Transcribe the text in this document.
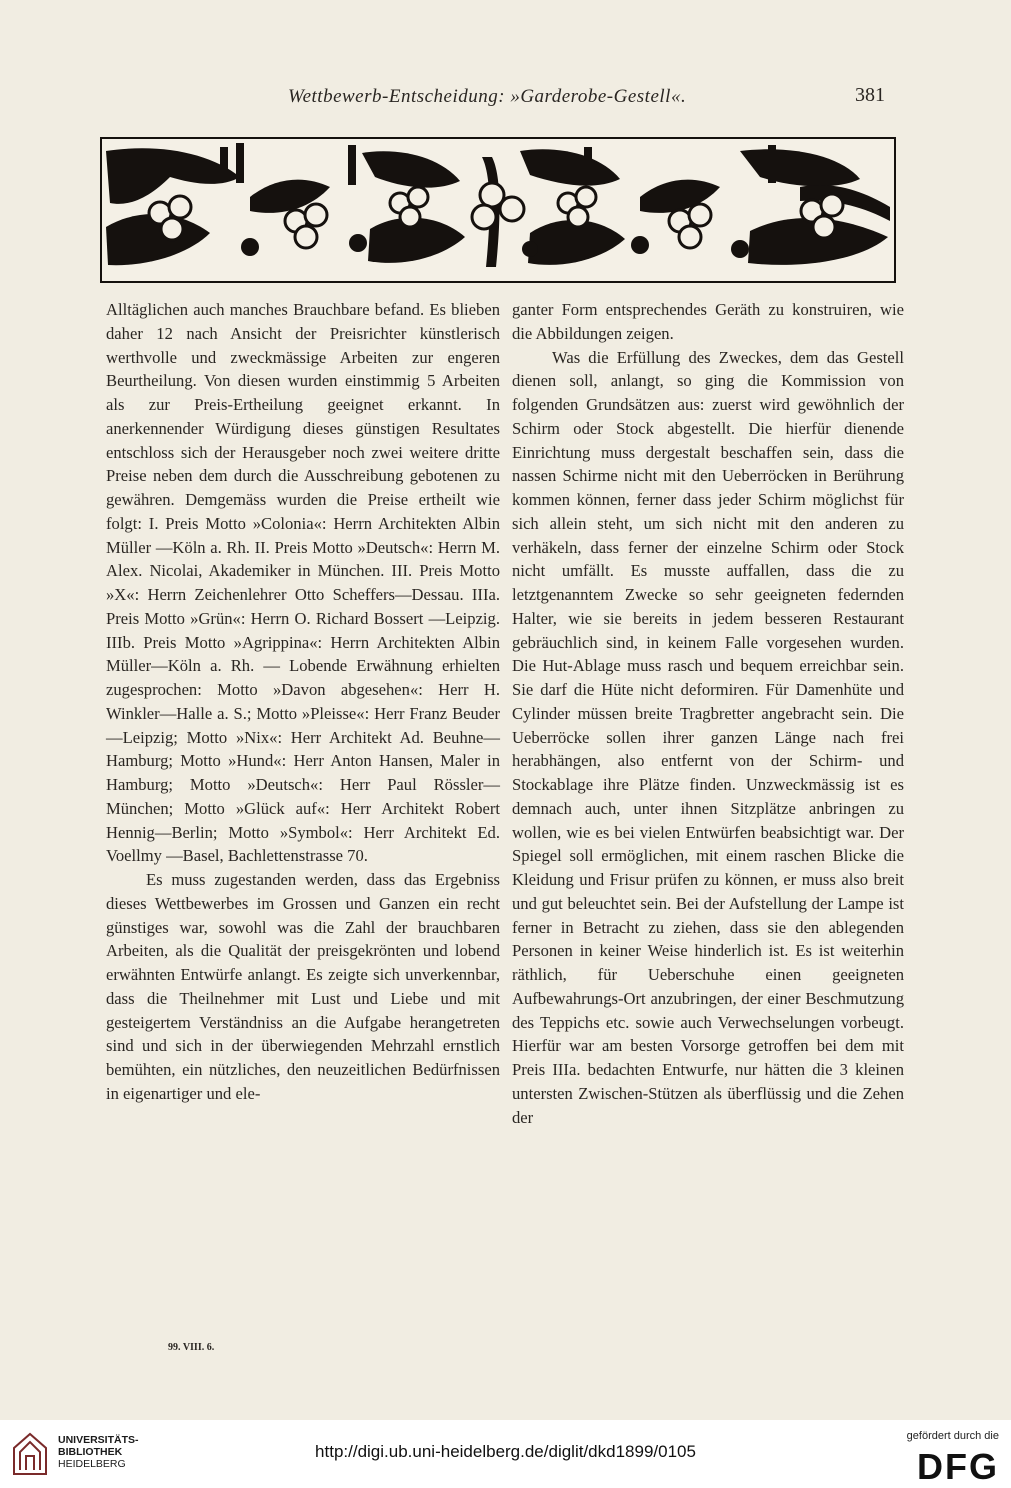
Wettbewerb-Entscheidung: »Garderobe-Gestell«.	381

Alltäglichen auch manches Brauchbare befand. Es blieben daher 12 nach Ansicht der Preisrichter künstlerisch werthvolle und zweckmässige Arbeiten zur engeren Beurtheilung. Von diesen wurden einstimmig 5 Arbeiten als zur Preis-Ertheilung geeignet erkannt. In anerkennender Würdigung dieses günstigen Resultates entschloss sich der Herausgeber noch zwei weitere dritte Preise neben dem durch die Ausschreibung gebotenen zu gewähren. Demgemäss wurden die Preise ertheilt wie folgt: I. Preis Motto »Colonia«: Herrn Architekten Albin Müller —Köln a. Rh. II. Preis Motto »Deutsch«: Herrn M. Alex. Nicolai, Akademiker in München. III. Preis Motto »X«: Herrn Zeichenlehrer Otto Scheffers—Dessau. IIIa. Preis Motto »Grün«: Herrn O. Richard Bossert —Leipzig. IIIb. Preis Motto »Agrippina«: Herrn Architekten Albin Müller—Köln a. Rh. — Lobende Erwähnung erhielten zugesprochen: Motto »Davon abgesehen«: Herr H. Winkler—Halle a. S.; Motto »Pleisse«: Herr Franz Beuder—Leipzig; Motto »Nix«: Herr Architekt Ad. Beuhne—Hamburg; Motto »Hund«: Herr Anton Hansen, Maler in Hamburg; Motto »Deutsch«: Herr Paul Rössler—München; Motto »Glück auf«: Herr Architekt Robert Hennig—Berlin; Motto »Symbol«: Herr Architekt Ed. Voellmy —Basel, Bachlettenstrasse 70.

Es muss zugestanden werden, dass das Ergebniss dieses Wettbewerbes im Grossen und Ganzen ein recht günstiges war, sowohl was die Zahl der brauchbaren Arbeiten, als die Qualität der preisgekrönten und lobend erwähnten Entwürfe anlangt. Es zeigte sich unverkennbar, dass die Theilnehmer mit Lust und Liebe und mit gesteigertem Verständniss an die Aufgabe herangetreten sind und sich in der überwiegenden Mehrzahl ernstlich bemühten, ein nützliches, den neuzeitlichen Bedürfnissen in eigenartiger und ele-

ganter Form entsprechendes Geräth zu konstruiren, wie die Abbildungen zeigen.

Was die Erfüllung des Zweckes, dem das Gestell dienen soll, anlangt, so ging die Kommission von folgenden Grundsätzen aus: zuerst wird gewöhnlich der Schirm oder Stock abgestellt. Die hierfür dienende Einrichtung muss dergestalt beschaffen sein, dass die nassen Schirme nicht mit den Ueberröcken in Berührung kommen können, ferner dass jeder Schirm möglichst für sich allein steht, um sich nicht mit den anderen zu verhäkeln, dass ferner der einzelne Schirm oder Stock nicht umfällt. Es musste auffallen, dass die zu letztgenanntem Zwecke so sehr geeigneten federnden Halter, wie sie bereits in jedem besseren Restaurant gebräuchlich sind, in keinem Falle vorgesehen wurden. Die Hut-Ablage muss rasch und bequem erreichbar sein. Sie darf die Hüte nicht deformiren. Für Damenhüte und Cylinder müssen breite Tragbretter angebracht sein. Die Ueberröcke sollen ihrer ganzen Länge nach frei herabhängen, also entfernt von der Schirm- und Stockablage ihre Plätze finden. Unzweckmässig ist es demnach auch, unter ihnen Sitzplätze anbringen zu wollen, wie es bei vielen Entwürfen beabsichtigt war. Der Spiegel soll ermöglichen, mit einem raschen Blicke die Kleidung und Frisur prüfen zu können, er muss also breit und gut beleuchtet sein. Bei der Aufstellung der Lampe ist ferner in Betracht zu ziehen, dass sie den ablegenden Personen in keiner Weise hinderlich ist. Es ist weiterhin räthlich, für Ueberschuhe einen geeigneten Aufbewahrungs-Ort anzubringen, der einer Beschmutzung des Teppichs etc. sowie auch Verwechselungen vorbeugt. Hierfür war am besten Vorsorge getroffen bei dem mit Preis IIIa. bedachten Entwurfe, nur hätten die 3 kleinen untersten Zwischen-Stützen als überflüssig und die Zehen der

99. VIII. 6.
UNIVERSITÄTS-
BIBLIOTHEK
HEIDELBERG
http://digi.ub.uni-heidelberg.de/diglit/dkd1899/0105
gefördert durch die
DFG
